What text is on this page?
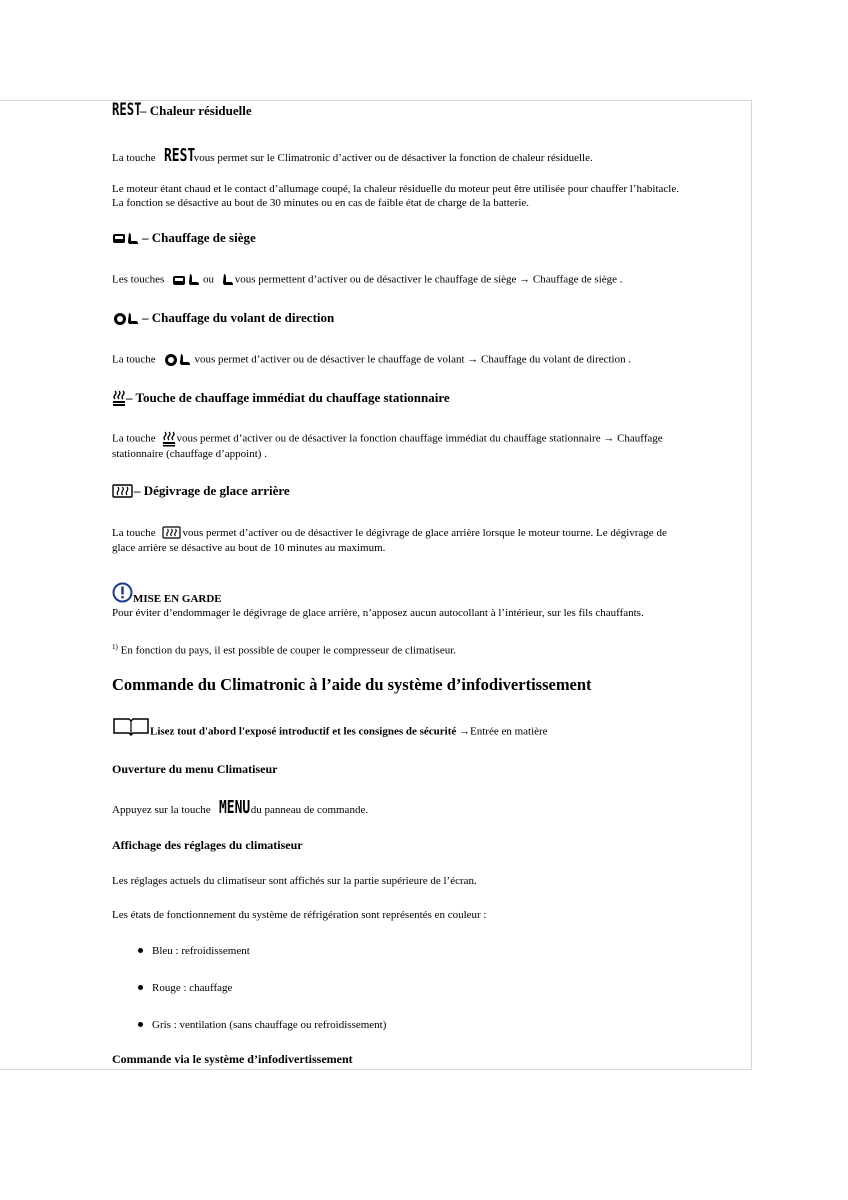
REST– Chaleur résiduelle
La touche RESTvous permet sur le Climatronic d’activer ou de désactiver la fonction de chaleur résiduelle.
Le moteur étant chaud et le contact d’allumage coupé, la chaleur résiduelle du moteur peut être utilisée pour chauffer l’habitacle.
La fonction se désactive au bout de 30 minutes ou en cas de faible état de charge de la batterie.
– Chauffage de siège
Les touches	ou vous permettent d’activer ou de désactiver le chauffage de siège → Chauffage de siège .
– Chauffage du volant de direction
La touche	vous permet d’activer ou de désactiver le chauffage de volant → Chauffage du volant de direction .
– Touche de chauffage immédiat du chauffage stationnaire
La touche vous permet d’activer ou de désactiver la fonction chauffage immédiat du chauffage stationnaire → Chauffage
stationnaire (chauffage d’appoint) .
– Dégivrage de glace arrière
La touche vous permet d’activer ou de désactiver le dégivrage de glace arrière lorsque le moteur tourne. Le dégivrage de
glace arrière se désactive au bout de 10 minutes au maximum.
$_{MISE EN GARDE}$
Pour éviter d’endommager le dégivrage de glace arrière, n’apposez aucun autocollant à l’intérieur, sur les fils chauffants.
$^{1)}$ En fonction du pays, il est possible de couper le compresseur de climatiseur.
Commande du Climatronic à l’aide du système d’infodivertissement
Lisez tout d'abord l'exposé introductif et les consignes de sécurité →Entrée en matière
Ouverture du menu Climatiseur
Appuyez sur la touche MENUdu panneau de commande.
Affichage des réglages du climatiseur
Les réglages actuels du climatiseur sont affichés sur la partie supérieure de l’écran.
Les états de fonctionnement du système de réfrigération sont représentés en couleur :
Bleu : refroidissement
Rouge : chauffage
Gris : ventilation (sans chauffage ou refroidissement)
Commande via le système d’infodivertissement
